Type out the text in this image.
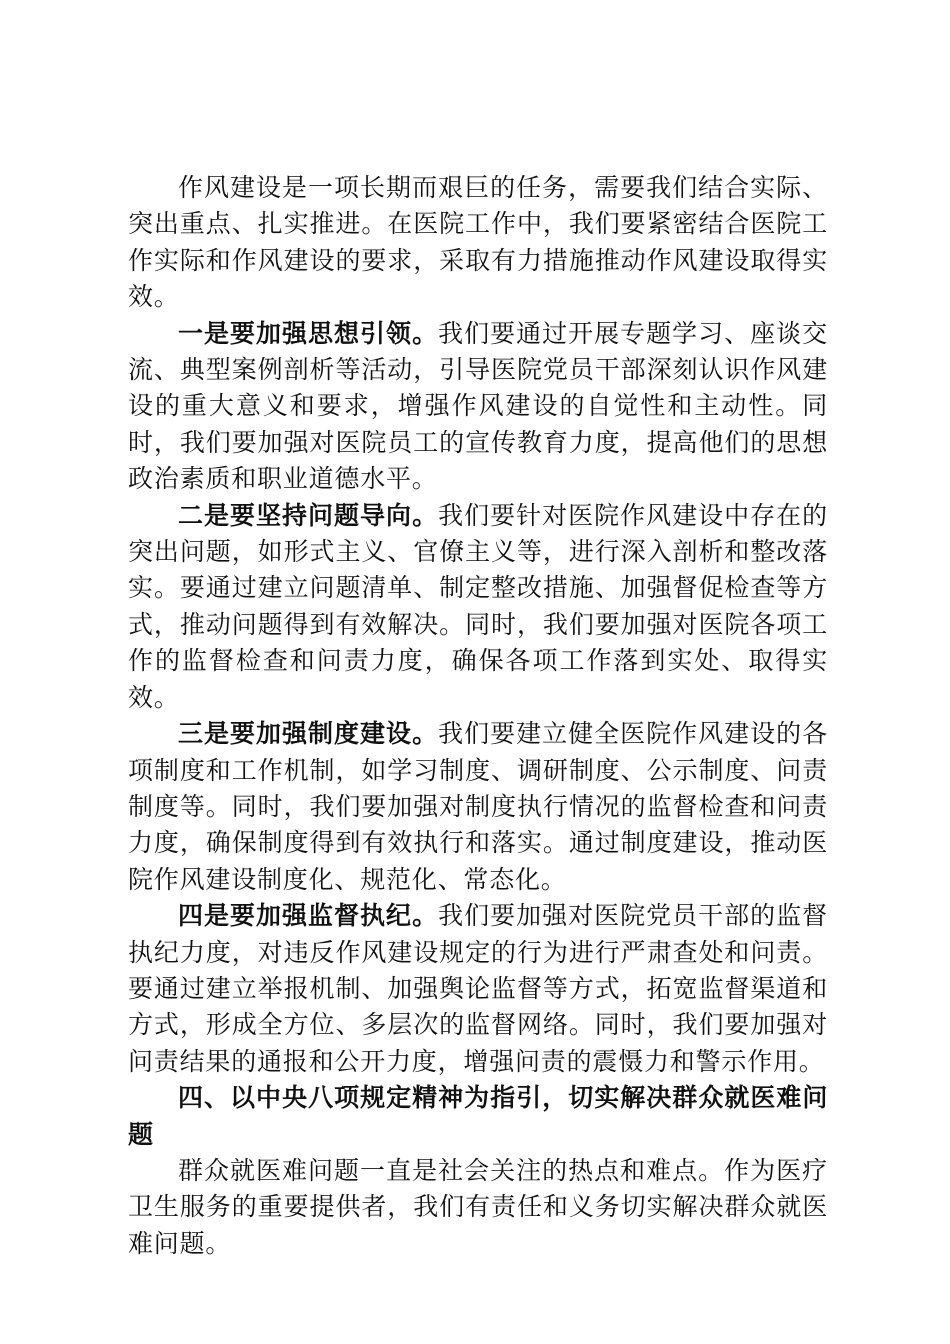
作风建设是一项长期而艰巨的任务，需要我们结合实际、突出重点、扎实推进。在医院工作中，我们要紧密结合医院工作实际和作风建设的要求，采取有力措施推动作风建设取得实效。

一是要加强思想引领。我们要通过开展专题学习、座谈交流、典型案例剖析等活动，引导医院党员干部深刻认识作风建设的重大意义和要求，增强作风建设的自觉性和主动性。同时，我们要加强对医院员工的宣传教育力度，提高他们的思想政治素质和职业道德水平。

二是要坚持问题导向。我们要针对医院作风建设中存在的突出问题，如形式主义、官僚主义等，进行深入剖析和整改落实。要通过建立问题清单、制定整改措施、加强督促检查等方式，推动问题得到有效解决。同时，我们要加强对医院各项工作的监督检查和问责力度，确保各项工作落到实处、取得实效。

三是要加强制度建设。我们要建立健全医院作风建设的各项制度和工作机制，如学习制度、调研制度、公示制度、问责制度等。同时，我们要加强对制度执行情况的监督检查和问责力度，确保制度得到有效执行和落实。通过制度建设，推动医院作风建设制度化、规范化、常态化。

四是要加强监督执纪。我们要加强对医院党员干部的监督执纪力度，对违反作风建设规定的行为进行严肃查处和问责。要通过建立举报机制、加强舆论监督等方式，拓宽监督渠道和方式，形成全方位、多层次的监督网络。同时，我们要加强对问责结果的通报和公开力度，增强问责的震慑力和警示作用。

四、以中央八项规定精神为指引，切实解决群众就医难问题

群众就医难问题一直是社会关注的热点和难点。作为医疗卫生服务的重要提供者，我们有责任和义务切实解决群众就医难问题。
